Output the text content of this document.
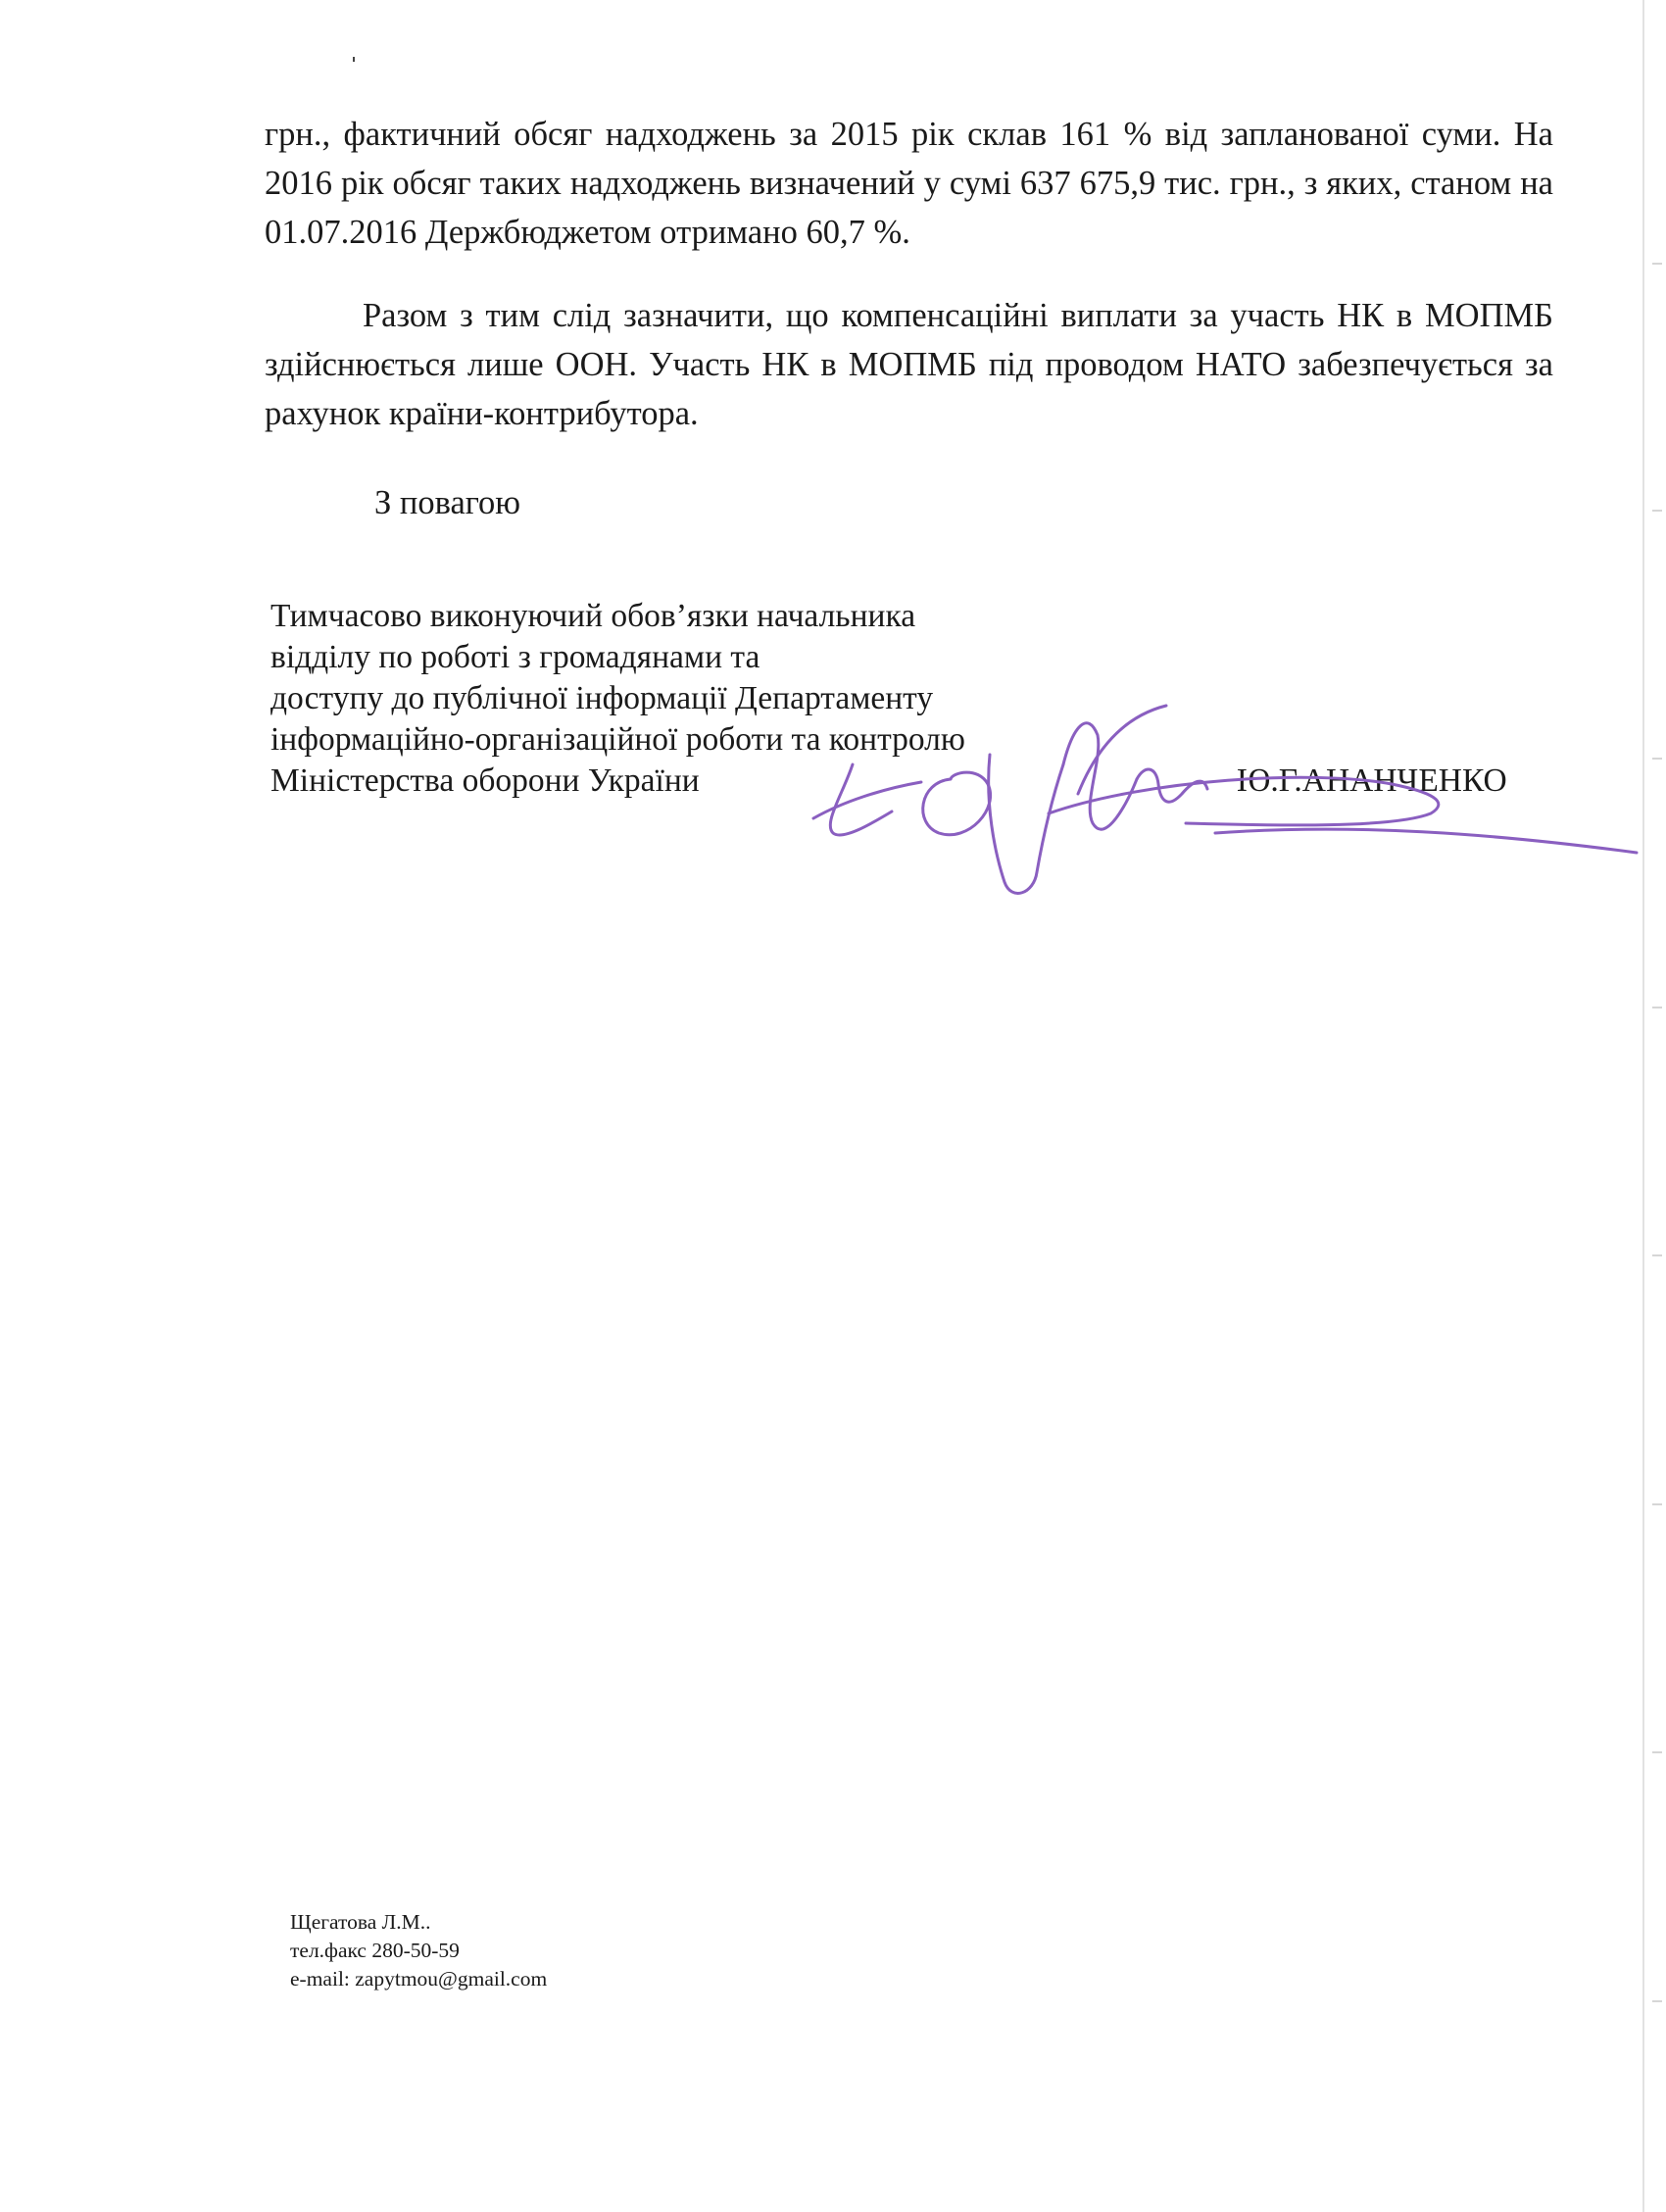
грн., фактичний обсяг надходжень за 2015 рік склав 161 % від запланованої суми. На 2016 рік обсяг таких надходжень визначений у сумі 637 675,9 тис. грн., з яких, станом на 01.07.2016 Держбюджетом отримано 60,7 %.

Разом з тим слід зазначити, що компенсаційні виплати за участь НК в МОПМБ здійснюється лише ООН. Участь НК в МОПМБ під проводом НАТО забезпечується за рахунок країни-контрибутора.

З повагою

Тимчасово виконуючий обов’язки начальника
відділу по роботі з громадянами та
доступу до публічної інформації Департаменту
інформаційно-організаційної роботи та контролю
Міністерства оборони України	Ю.Г.АНАНЧЕНКО
Щегатова Л.М..
тел.факс 280-50-59
e-mail: zapytmou@gmail.com
